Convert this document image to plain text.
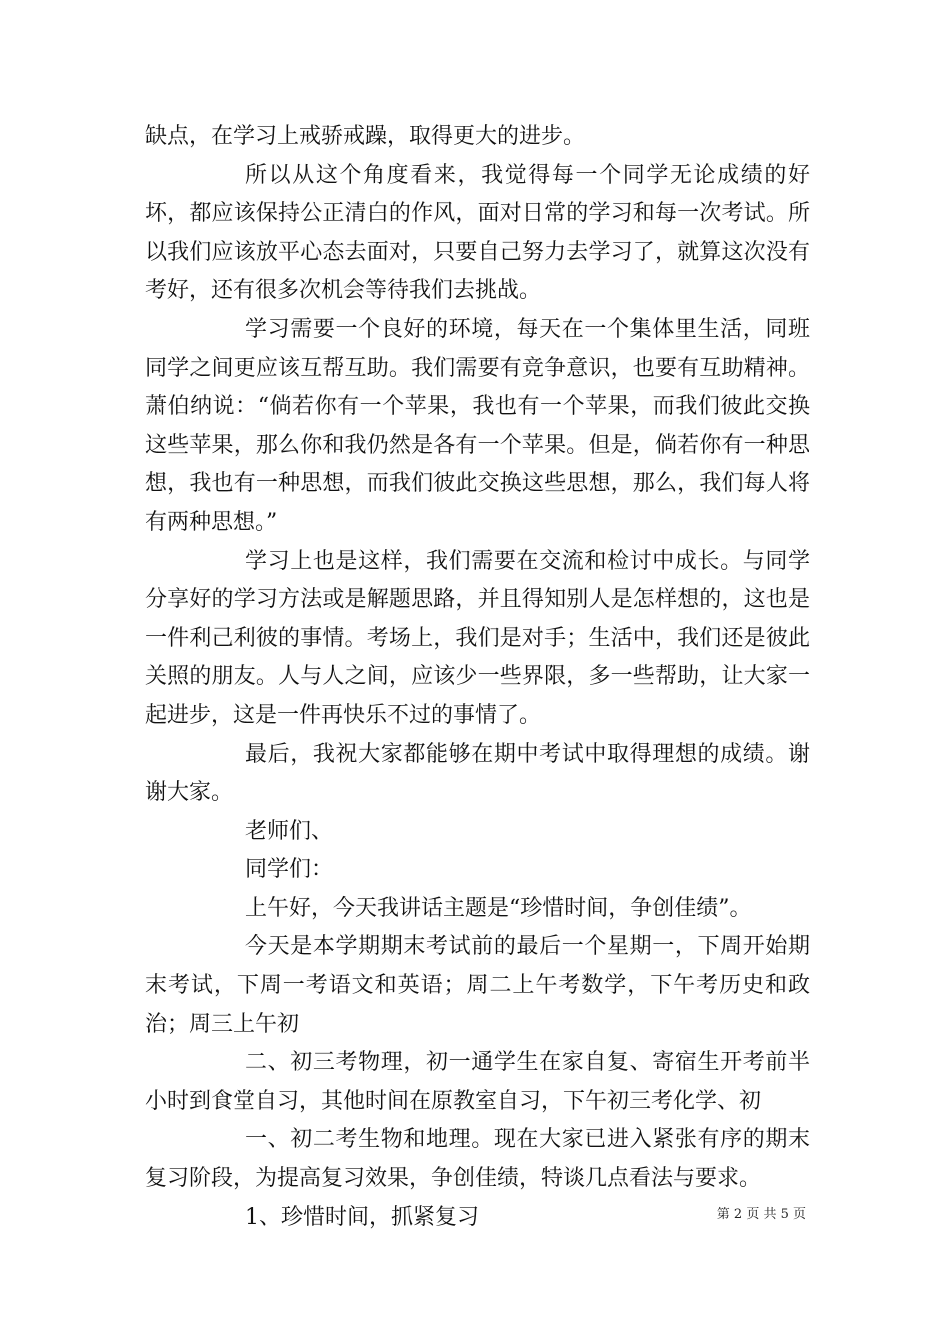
缺点，在学习上戒骄戒躁，取得更大的进步。

所以从这个角度看来，我觉得每一个同学无论成绩的好坏，都应该保持公正清白的作风，面对日常的学习和每一次考试。所以我们应该放平心态去面对，只要自己努力去学习了，就算这次没有考好，还有很多次机会等待我们去挑战。

学习需要一个良好的环境，每天在一个集体里生活，同班同学之间更应该互帮互助。我们需要有竞争意识，也要有互助精神。萧伯纳说：“倘若你有一个苹果，我也有一个苹果，而我们彼此交换这些苹果，那么你和我仍然是各有一个苹果。但是，倘若你有一种思想，我也有一种思想，而我们彼此交换这些思想，那么，我们每人将有两种思想。”

学习上也是这样，我们需要在交流和检讨中成长。与同学分享好的学习方法或是解题思路，并且得知别人是怎样想的，这也是一件利己利彼的事情。考场上，我们是对手；生活中，我们还是彼此关照的朋友。人与人之间，应该少一些界限，多一些帮助，让大家一起进步，这是一件再快乐不过的事情了。

最后，我祝大家都能够在期中考试中取得理想的成绩。谢谢大家。

老师们、

同学们：

上午好，今天我讲话主题是“珍惜时间，争创佳绩”。

今天是本学期期末考试前的最后一个星期一，下周开始期末考试，下周一考语文和英语；周二上午考数学，下午考历史和政治；周三上午初

二、初三考物理，初一通学生在家自复、寄宿生开考前半小时到食堂自习，其他时间在原教室自习，下午初三考化学、初

一、初二考生物和地理。现在大家已进入紧张有序的期末复习阶段，为提高复习效果，争创佳绩，特谈几点看法与要求。

1、珍惜时间，抓紧复习	第 2 页 共 5 页
